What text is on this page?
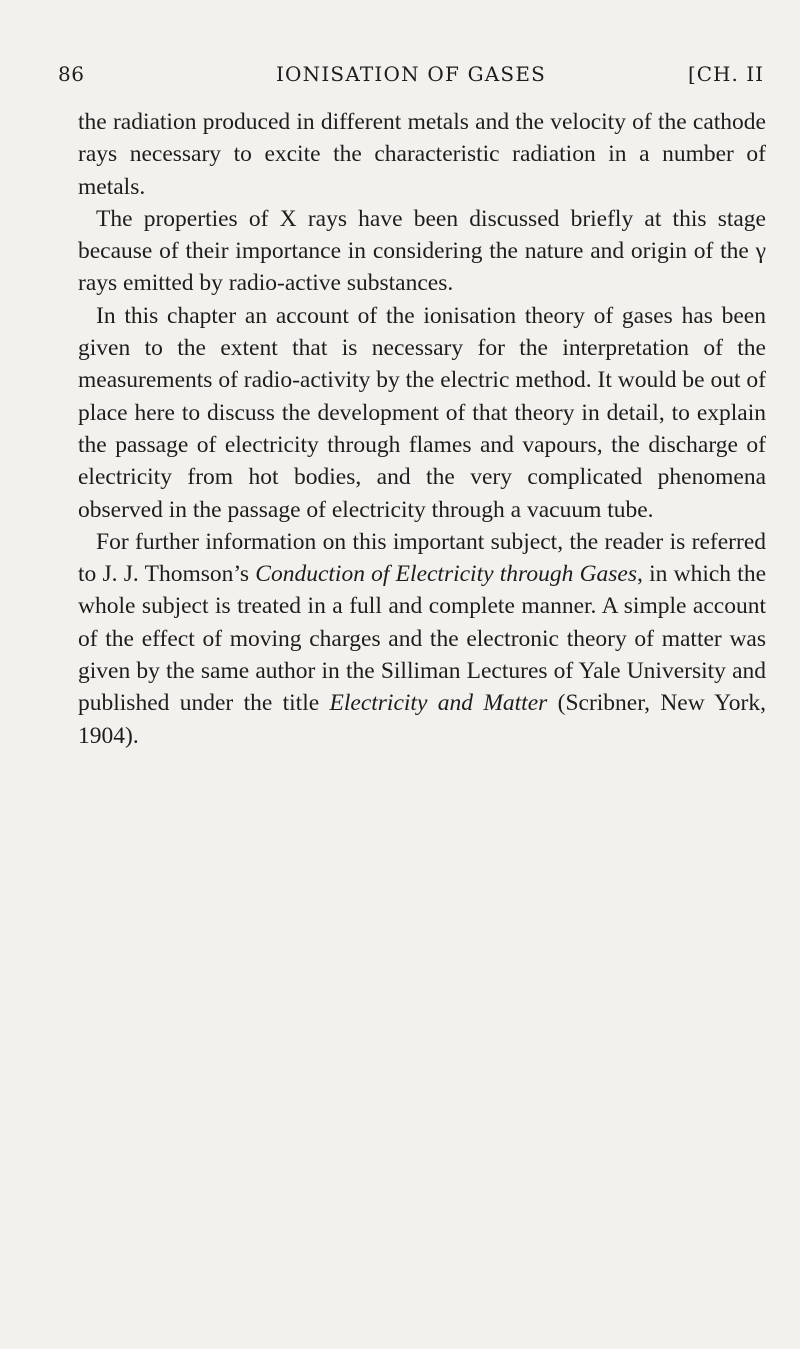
86	IONISATION OF GASES	[CH. II

the radiation produced in different metals and the velocity of the cathode rays necessary to excite the characteristic radiation in a number of metals.

The properties of X rays have been discussed briefly at this stage because of their importance in considering the nature and origin of the γ rays emitted by radio-active substances.

In this chapter an account of the ionisation theory of gases has been given to the extent that is necessary for the interpretation of the measurements of radio-activity by the electric method. It would be out of place here to discuss the development of that theory in detail, to explain the passage of electricity through flames and vapours, the discharge of electricity from hot bodies, and the very complicated phenomena observed in the passage of electricity through a vacuum tube.

For further information on this important subject, the reader is referred to J. J. Thomson’s Conduction of Electricity through Gases, in which the whole subject is treated in a full and complete manner. A simple account of the effect of moving charges and the electronic theory of matter was given by the same author in the Silliman Lectures of Yale University and published under the title Electricity and Matter (Scribner, New York, 1904).
